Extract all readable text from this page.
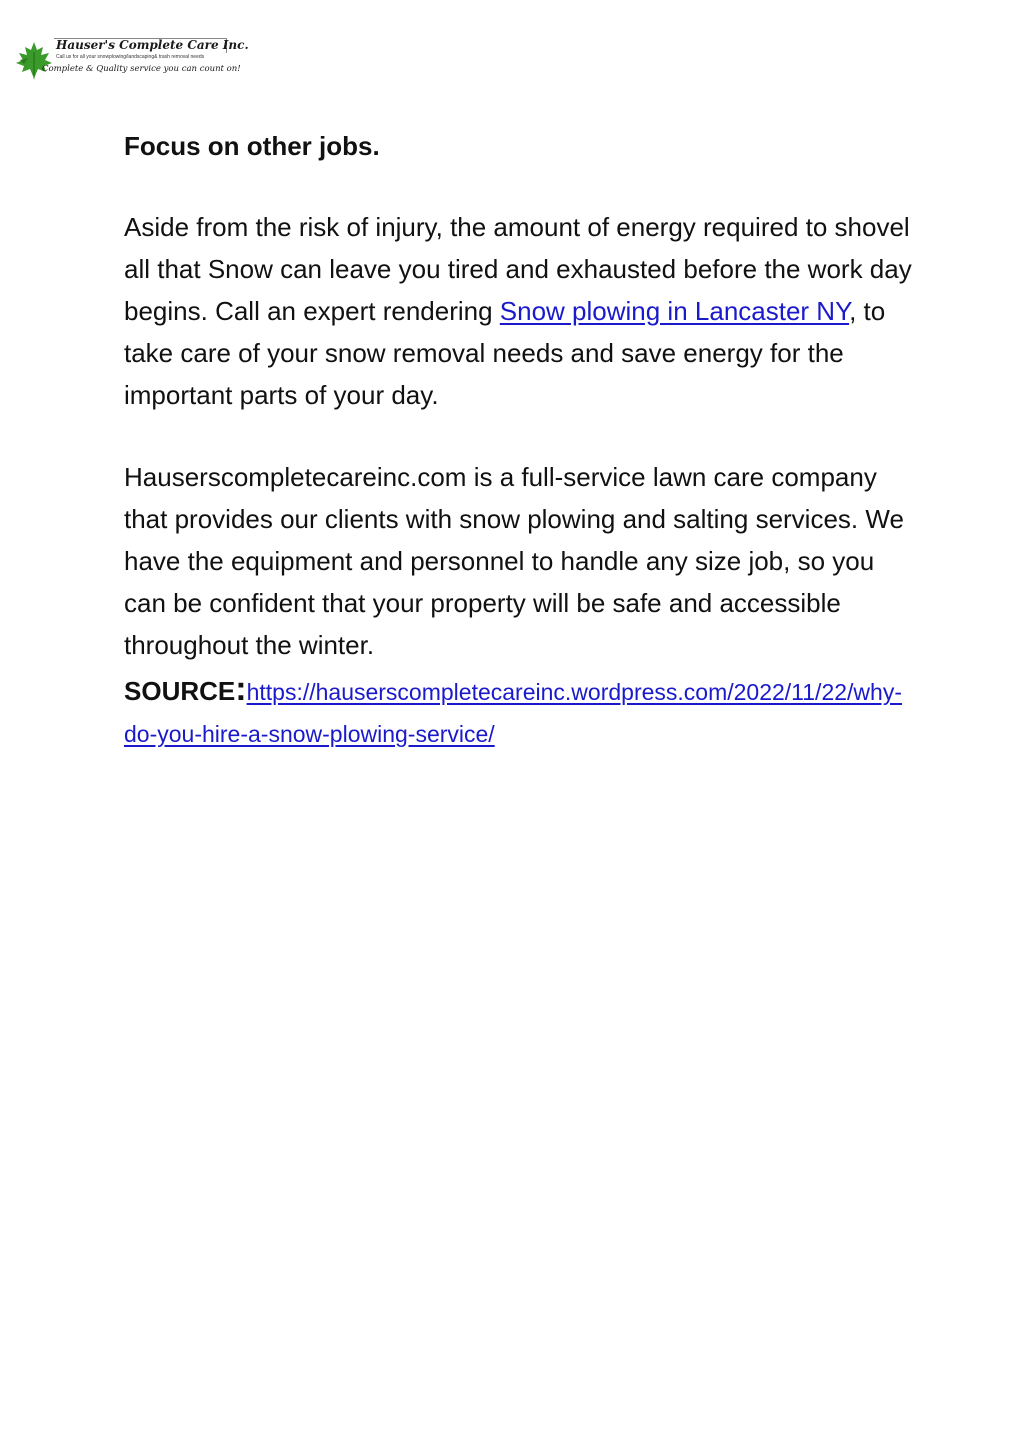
Hauser's Complete Care Inc.
Call us for all your snowplowing/landscaping& trash removal needs
Complete & Quality service you can count on!
Focus on other jobs.

Aside from the risk of injury, the amount of energy required to shovel all that Snow can leave you tired and exhausted before the work day begins. Call an expert rendering Snow plowing in Lancaster NY, to take care of your snow removal needs and save energy for the important parts of your day.

Hauserscompletecareinc.com is a full-service lawn care company that provides our clients with snow plowing and salting services. We have the equipment and personnel to handle any size job, so you can be confident that your property will be safe and accessible throughout the winter.

SOURCE:https://hauserscompletecareinc.wordpress.com/2022/11/22/why-do-you-hire-a-snow-plowing-service/
